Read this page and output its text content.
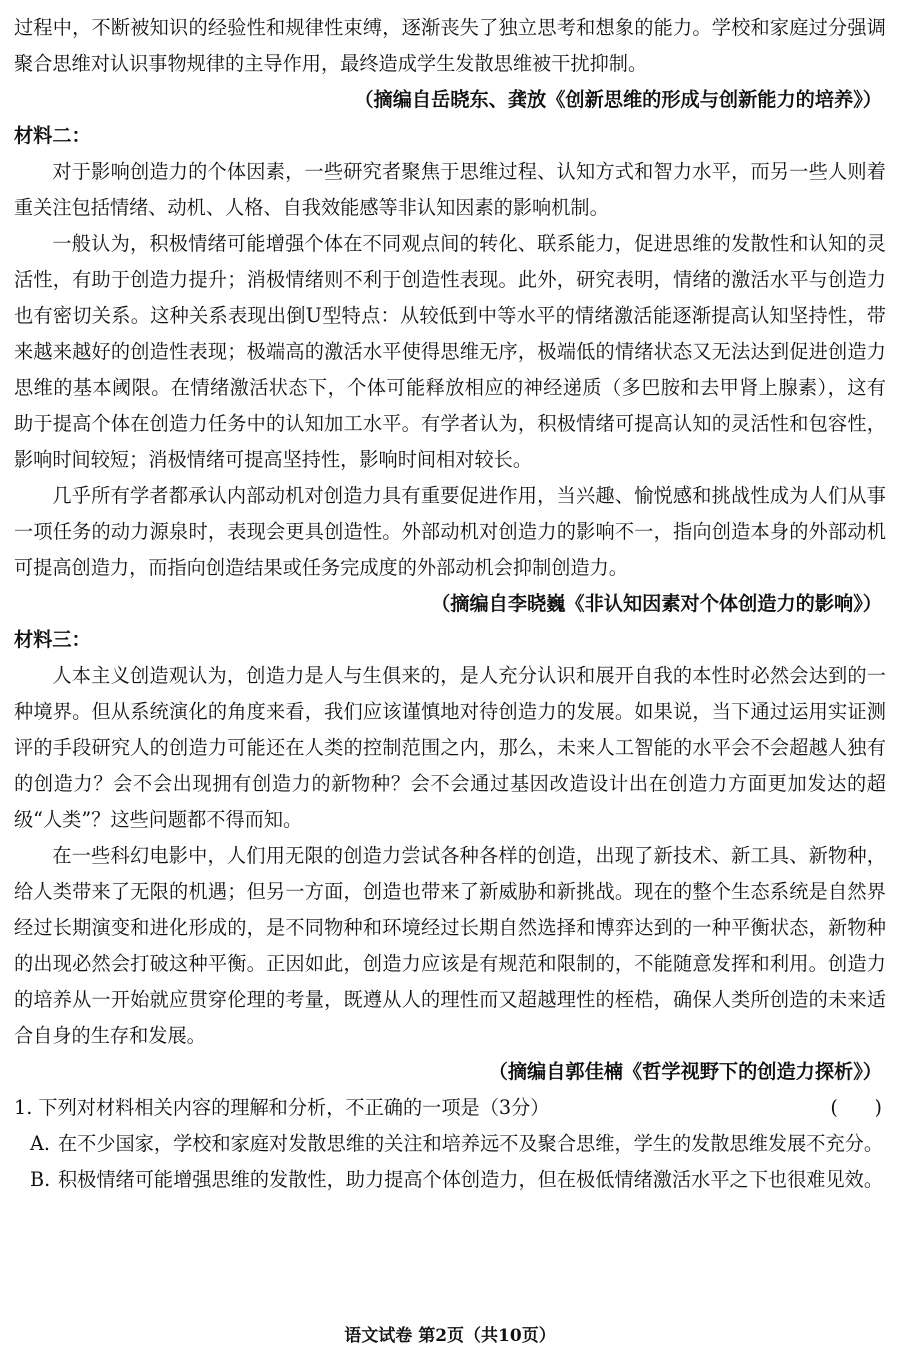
过程中，不断被知识的经验性和规律性束缚，逐渐丧失了独立思考和想象的能力。学校和家庭过分强调聚合思维对认识事物规律的主导作用，最终造成学生发散思维被干扰抑制。

（摘编自岳晓东、龚放《创新思维的形成与创新能力的培养》）

材料二：

对于影响创造力的个体因素，一些研究者聚焦于思维过程、认知方式和智力水平，而另一些人则着重关注包括情绪、动机、人格、自我效能感等非认知因素的影响机制。

一般认为，积极情绪可能增强个体在不同观点间的转化、联系能力，促进思维的发散性和认知的灵活性，有助于创造力提升；消极情绪则不利于创造性表现。此外，研究表明，情绪的激活水平与创造力也有密切关系。这种关系表现出倒U型特点：从较低到中等水平的情绪激活能逐渐提高认知坚持性，带来越来越好的创造性表现；极端高的激活水平使得思维无序，极端低的情绪状态又无法达到促进创造力思维的基本阈限。在情绪激活状态下，个体可能释放相应的神经递质（多巴胺和去甲肾上腺素），这有助于提高个体在创造力任务中的认知加工水平。有学者认为，积极情绪可提高认知的灵活性和包容性，影响时间较短；消极情绪可提高坚持性，影响时间相对较长。

几乎所有学者都承认内部动机对创造力具有重要促进作用，当兴趣、愉悦感和挑战性成为人们从事一项任务的动力源泉时，表现会更具创造性。外部动机对创造力的影响不一，指向创造本身的外部动机可提高创造力，而指向创造结果或任务完成度的外部动机会抑制创造力。

（摘编自李晓巍《非认知因素对个体创造力的影响》）

材料三：

人本主义创造观认为，创造力是人与生俱来的，是人充分认识和展开自我的本性时必然会达到的一种境界。但从系统演化的角度来看，我们应该谨慎地对待创造力的发展。如果说，当下通过运用实证测评的手段研究人的创造力可能还在人类的控制范围之内，那么，未来人工智能的水平会不会超越人独有的创造力？会不会出现拥有创造力的新物种？会不会通过基因改造设计出在创造力方面更加发达的超级“人类”？这些问题都不得而知。

在一些科幻电影中，人们用无限的创造力尝试各种各样的创造，出现了新技术、新工具、新物种，给人类带来了无限的机遇；但另一方面，创造也带来了新威胁和新挑战。现在的整个生态系统是自然界经过长期演变和进化形成的，是不同物种和环境经过长期自然选择和博弈达到的一种平衡状态，新物种的出现必然会打破这种平衡。正因如此，创造力应该是有规范和限制的，不能随意发挥和利用。创造力的培养从一开始就应贯穿伦理的考量，既遵从人的理性而又超越理性的桎梏，确保人类所创造的未来适合自身的生存和发展。

（摘编自郭佳楠《哲学视野下的创造力探析》）

1. 下列对材料相关内容的理解和分析，不正确的一项是（3分）	(      )
A. 在不少国家，学校和家庭对发散思维的关注和培养远不及聚合思维，学生的发散思维发展不充分。
B. 积极情绪可能增强思维的发散性，助力提高个体创造力，但在极低情绪激活水平之下也很难见效。
语文试卷 第2页（共10页）
